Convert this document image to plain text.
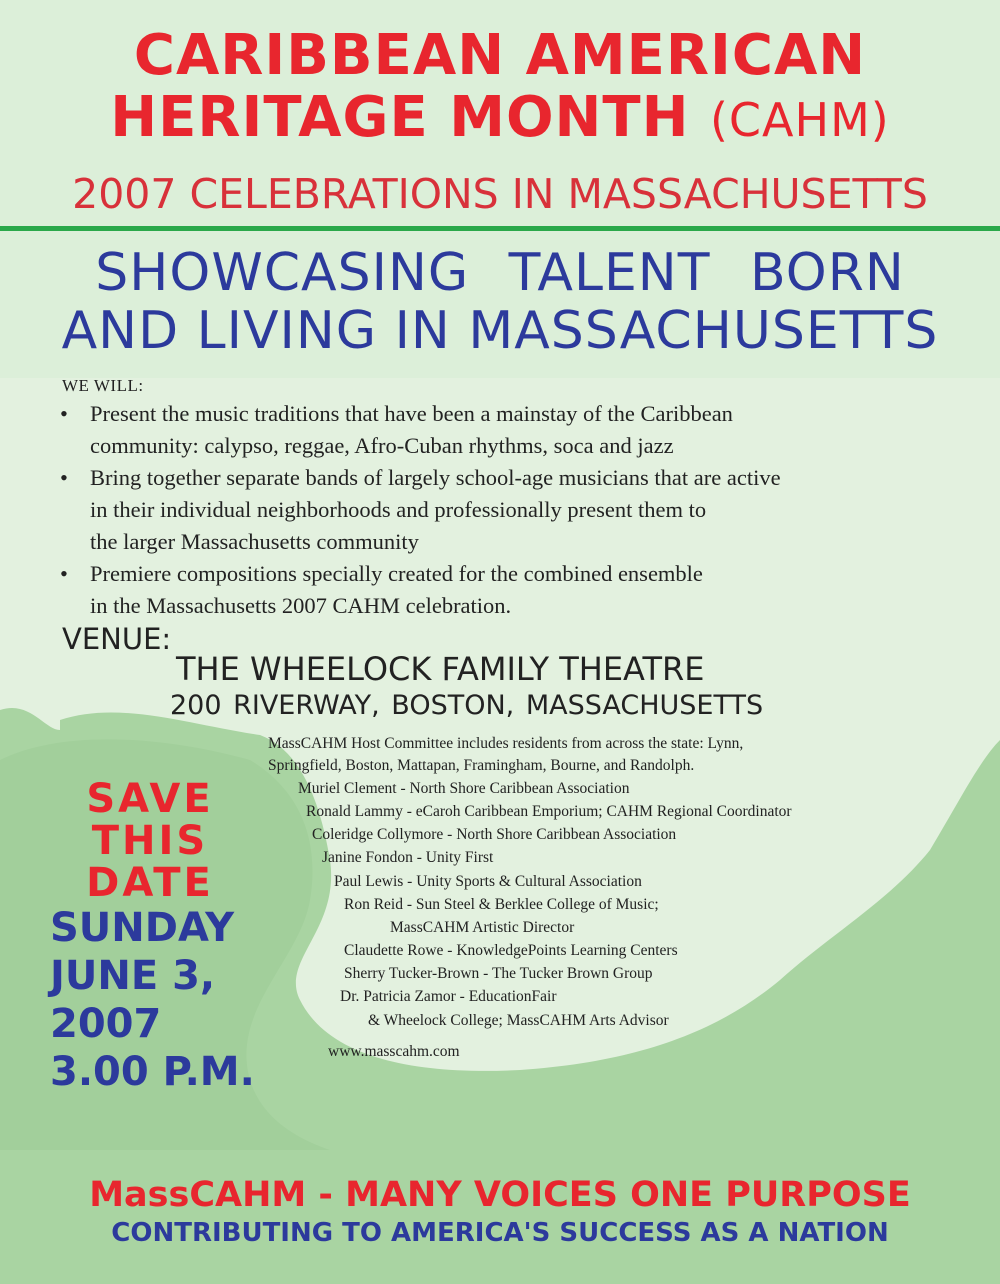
CARIBBEAN AMERICAN
HERITAGE MONTH (CAHM)
2007 CELEBRATIONS IN MASSACHUSETTS
SHOWCASING TALENT BORN
AND LIVING IN MASSACHUSETTS
WE WILL:
• Present the music traditions that have been a mainstay of the Caribbean
community: calypso, reggae, Afro-Cuban rhythms, soca and jazz
• Bring together separate bands of largely school-age musicians that are active
in their individual neighborhoods and professionally present them to
the larger Massachusetts community
• Premiere compositions specially created for the combined ensemble
in the Massachusetts 2007 CAHM celebration.
VENUE:
THE WHEELOCK FAMILY THEATRE
200 RIVERWAY, BOSTON, MASSACHUSETTS
MassCAHM Host Committee includes residents from across the state: Lynn,
Springfield, Boston, Mattapan, Framingham, Bourne, and Randolph.
Muriel Clement - North Shore Caribbean Association
Ronald Lammy - eCaroh Caribbean Emporium; CAHM Regional Coordinator
Coleridge Collymore - North Shore Caribbean Association
Janine Fondon - Unity First
Paul Lewis - Unity Sports & Cultural Association
Ron Reid - Sun Steel & Berklee College of Music;
MassCAHM Artistic Director
Claudette Rowe - KnowledgePoints Learning Centers
Sherry Tucker-Brown - The Tucker Brown Group
Dr. Patricia Zamor - EducationFair
& Wheelock College; MassCAHM Arts Advisor
www.masscahm.com
SAVE
THIS
DATE
SUNDAY
JUNE 3,
2007
3.00 P.M.
MassCAHM - MANY VOICES ONE PURPOSE
CONTRIBUTING TO AMERICA'S SUCCESS AS A NATION
